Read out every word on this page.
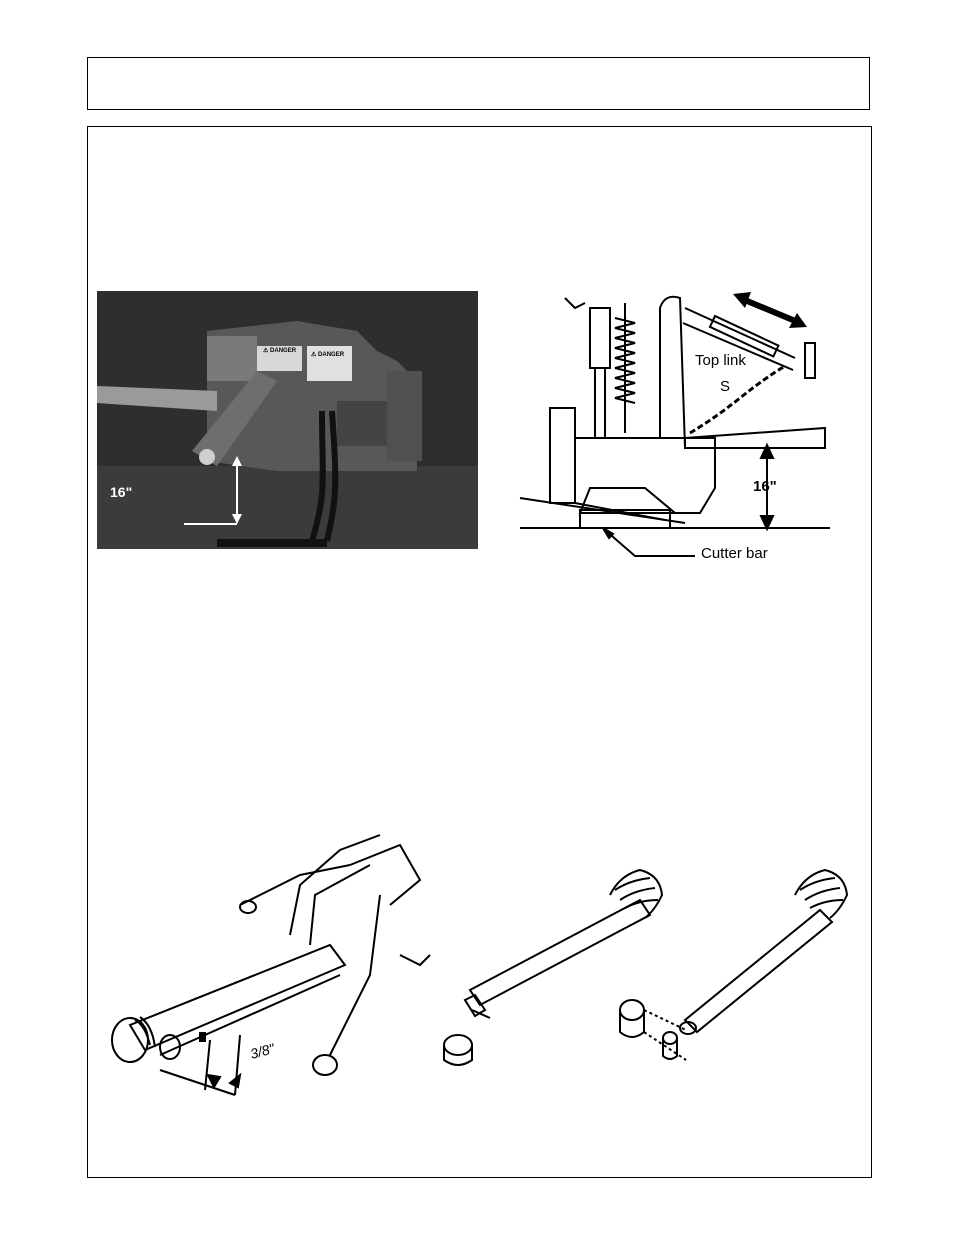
⚠ DANGER
⚠ DANGER
16"
Top link
S
16"
Cutter bar
3/8"
